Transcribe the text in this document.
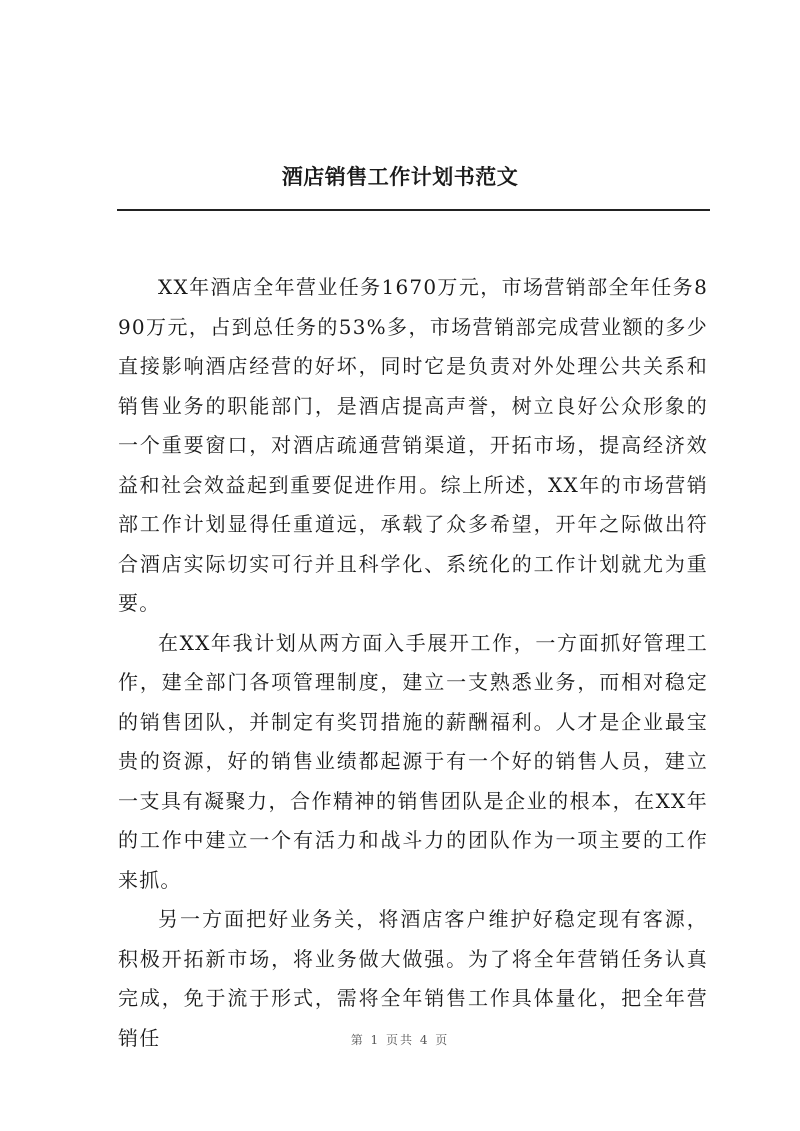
酒店销售工作计划书范文

XX年酒店全年营业任务1670万元，市场营销部全年任务890万元，占到总任务的53%多，市场营销部完成营业额的多少直接影响酒店经营的好坏，同时它是负责对外处理公共关系和销售业务的职能部门，是酒店提高声誉，树立良好公众形象的一个重要窗口，对酒店疏通营销渠道，开拓市场，提高经济效益和社会效益起到重要促进作用。综上所述，XX年的市场营销部工作计划显得任重道远，承载了众多希望，开年之际做出符合酒店实际切实可行并且科学化、系统化的工作计划就尤为重要。

在XX年我计划从两方面入手展开工作，一方面抓好管理工作，建全部门各项管理制度，建立一支熟悉业务，而相对稳定的销售团队，并制定有奖罚措施的薪酬福利。人才是企业最宝贵的资源，好的销售业绩都起源于有一个好的销售人员，建立一支具有凝聚力，合作精神的销售团队是企业的根本，在XX年的工作中建立一个有活力和战斗力的团队作为一项主要的工作来抓。

另一方面把好业务关，将酒店客户维护好稳定现有客源，积极开拓新市场，将业务做大做强。为了将全年营销任务认真完成，免于流于形式，需将全年销售工作具体量化，把全年营销任	第 1 页共 4 页
